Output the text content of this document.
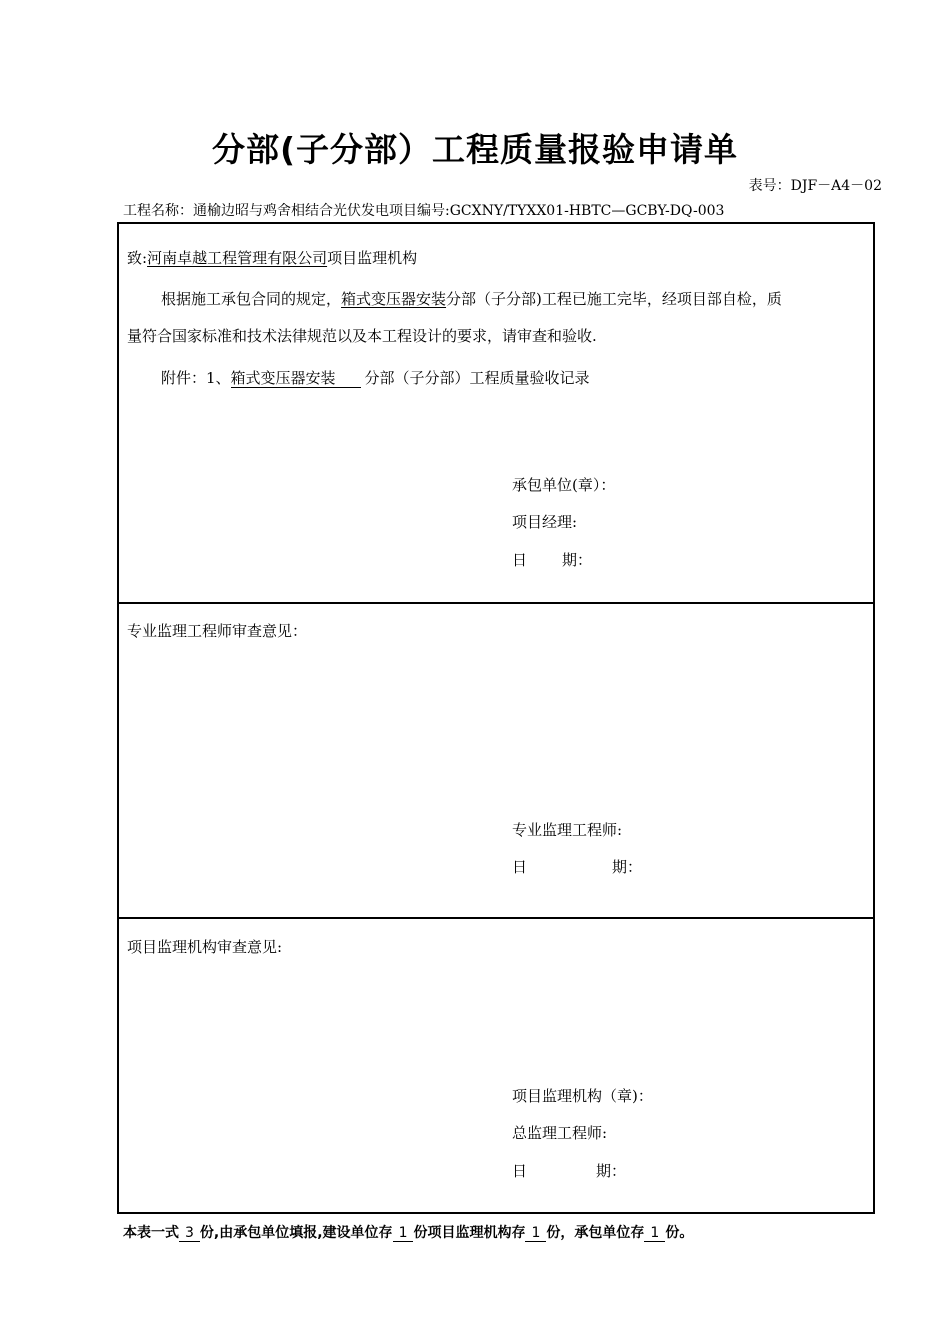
分部(子分部）工程质量报验申请单
表号：DJF－A4－02
工程名称：通榆边昭与鸡舍相结合光伏发电项目编号:GCXNY/TYXX01-HBTC—GCBY-DQ-003
致:河南卓越工程管理有限公司项目监理机构
根据施工承包合同的规定，箱式变压器安装分部（子分部)工程已施工完毕，经项目部自检，质
量符合国家标准和技术法律规范以及本工程设计的要求，请审查和验收.
附件：1、箱式变压器安装 分部（子分部）工程质量验收记录
承包单位(章）：
项目经理:
日 期：
专业监理工程师审查意见：
专业监理工程师:
日	期：
项目监理机构审查意见:
项目监理机构（章)：
总监理工程师:
日	期：
本表一式 3 份,由承包单位填报,建设单位存 1 份项目监理机构存 1 份，承包单位存 1 份。
